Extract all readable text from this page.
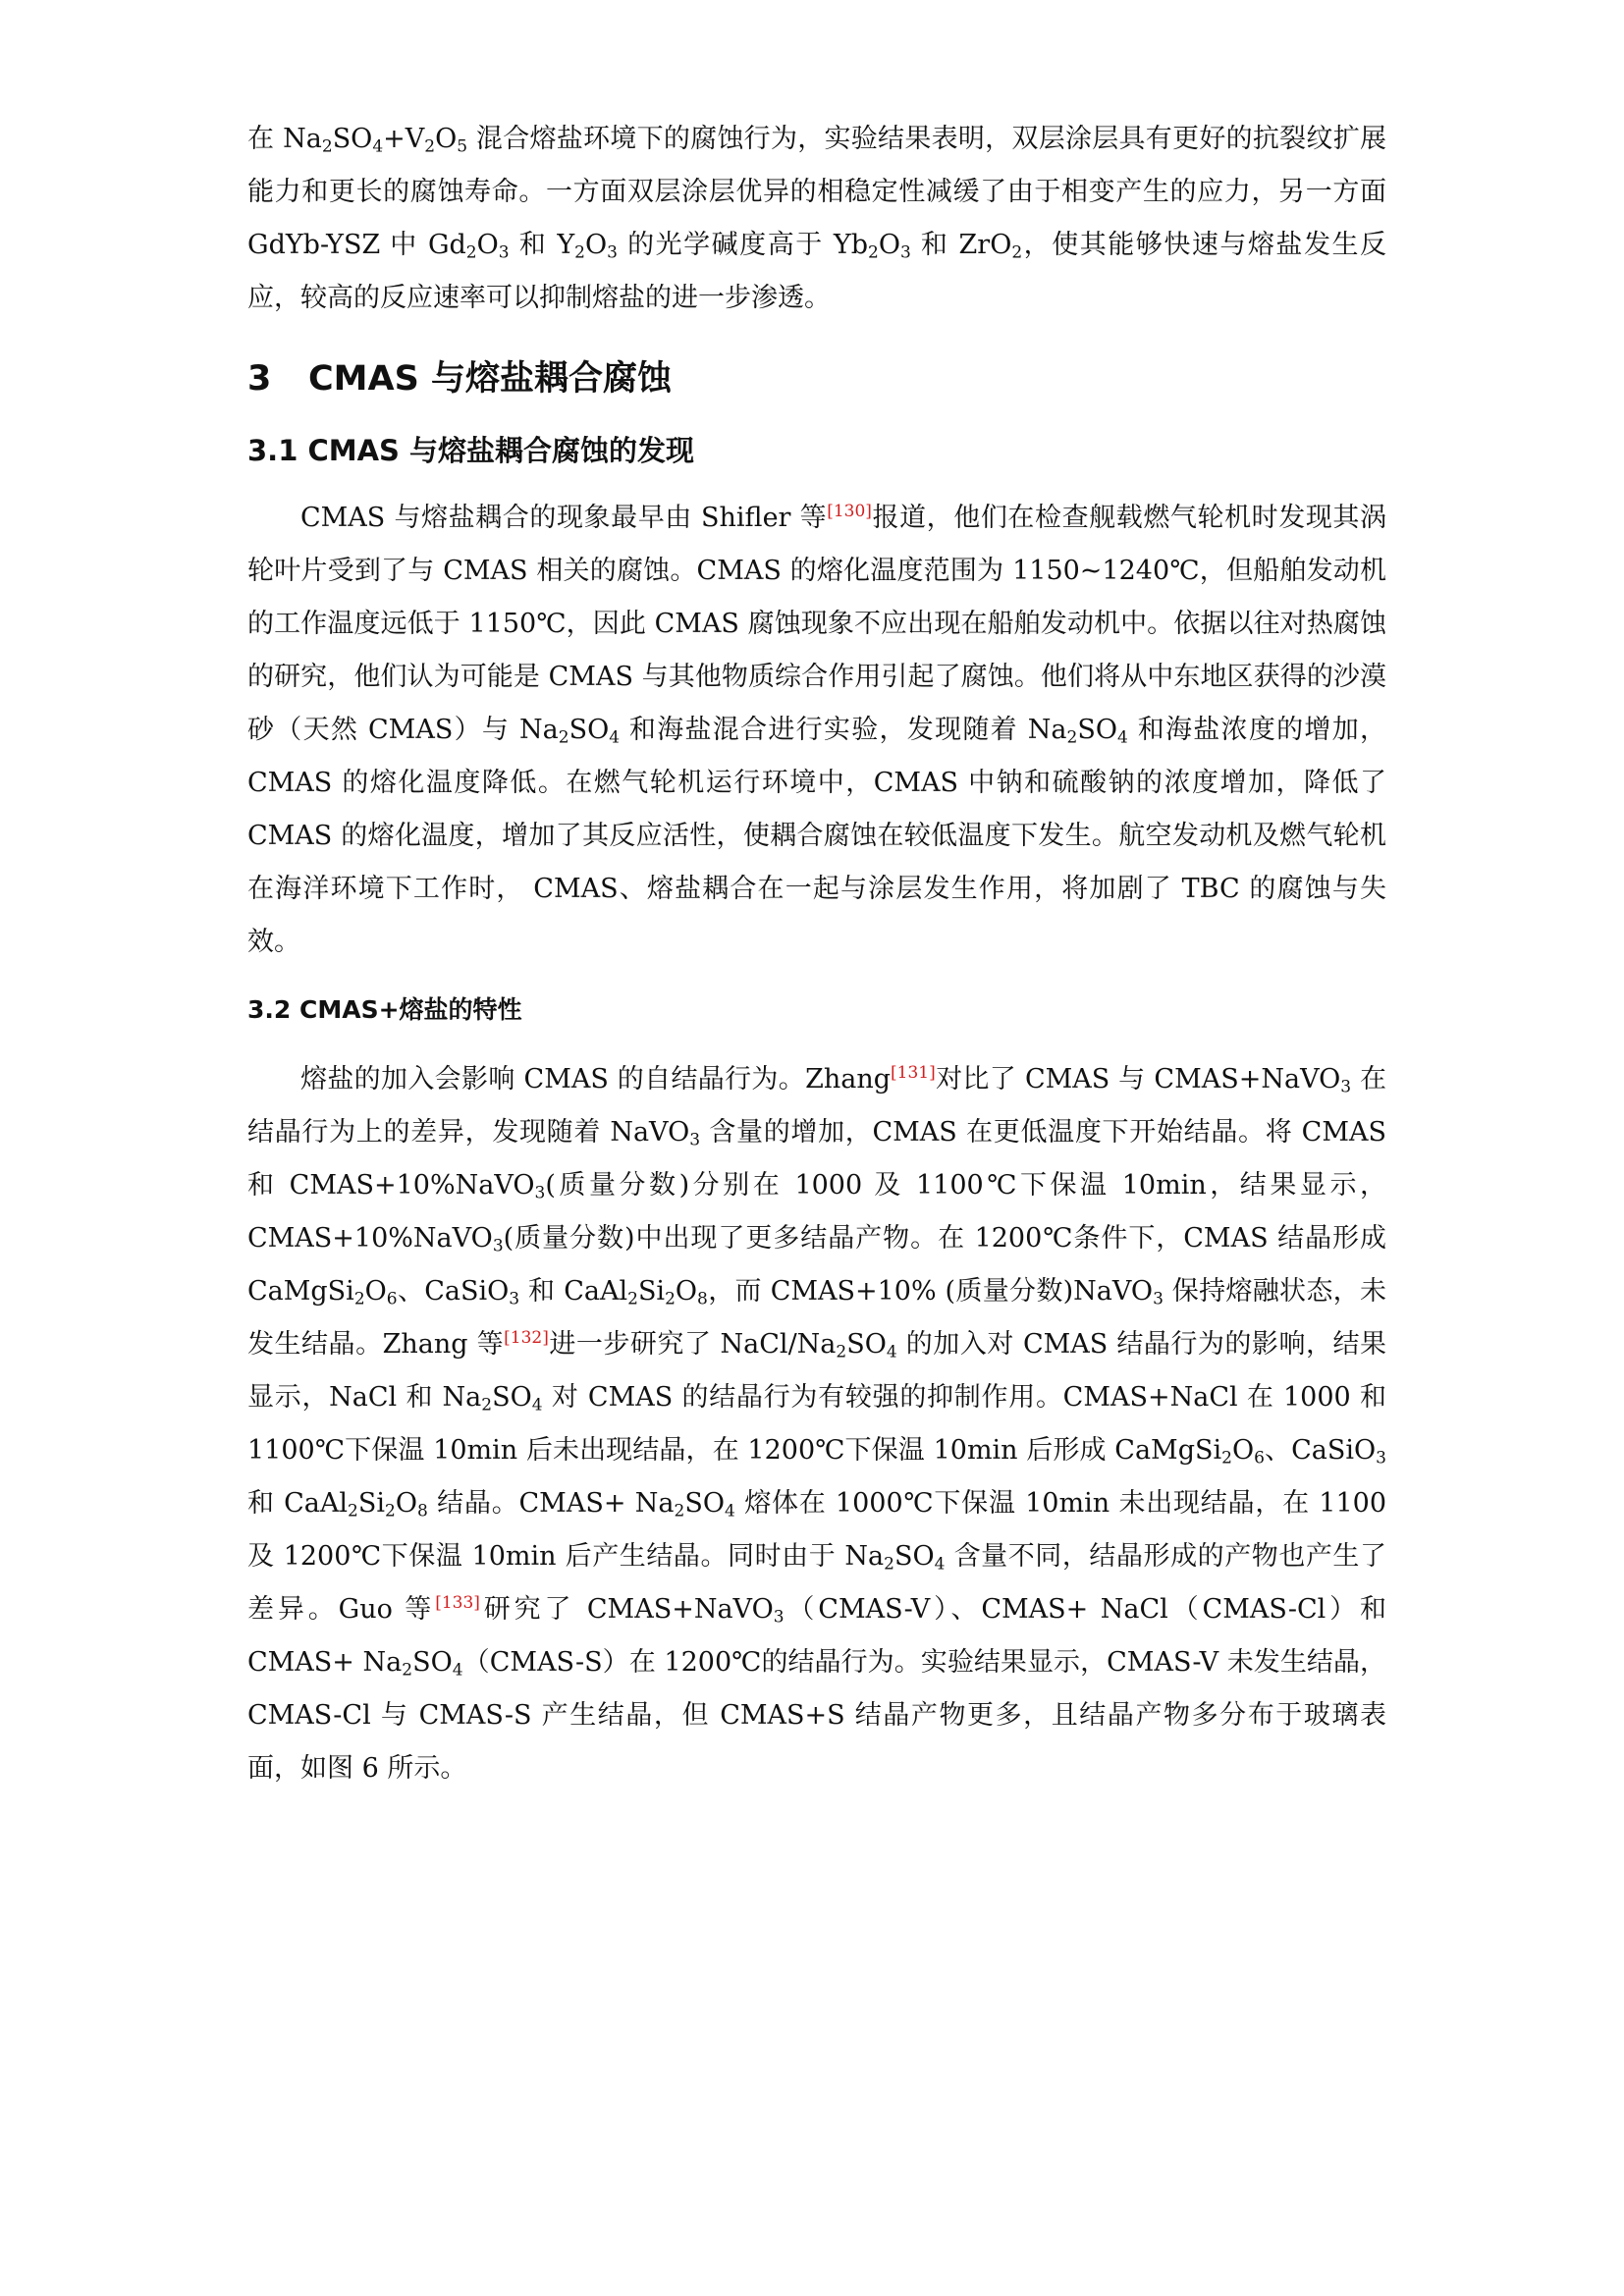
在 $Na_2SO_4+V_2O_5$ 混合熔盐环境下的腐蚀行为，实验结果表明，双层涂层具有更好的抗裂纹扩展能力和更长的腐蚀寿命。一方面双层涂层优异的相稳定性减缓了由于相变产生的应力，另一方面 GdYb-YSZ 中 $Gd_2O_3$ 和 $Y_2O_3$ 的光学碱度高于 $Yb_2O_3$ 和 ZrO$_2$，使其能够快速与熔盐发生反应，较高的反应速率可以抑制熔盐的进一步渗透。

3 CMAS 与熔盐耦合腐蚀
3.1 CMAS 与熔盐耦合腐蚀的发现

CMAS 与熔盐耦合的现象最早由 Shifler 等[130]报道，他们在检查舰载燃气轮机时发现其涡轮叶片受到了与 CMAS 相关的腐蚀。CMAS 的熔化温度范围为 1150~1240℃，但船舶发动机的工作温度远低于 1150℃，因此 CMAS 腐蚀现象不应出现在船舶发动机中。依据以往对热腐蚀的研究，他们认为可能是 CMAS 与其他物质综合作用引起了腐蚀。他们将从中东地区获得的沙漠砂（天然 CMAS）与 $Na_2SO_4$ 和海盐混合进行实验，发现随着 $Na_2SO_4$ 和海盐浓度的增加，CMAS 的熔化温度降低。在燃气轮机运行环境中，CMAS 中钠和硫酸钠的浓度增加，降低了 CMAS 的熔化温度，增加了其反应活性，使耦合腐蚀在较低温度下发生。航空发动机及燃气轮机在海洋环境下工作时， CMAS、熔盐耦合在一起与涂层发生作用，将加剧了 TBC 的腐蚀与失效。

3.2 CMAS+熔盐的特性

熔盐的加入会影响 CMAS 的自结晶行为。Zhang[131]对比了 CMAS 与 CMAS+NaVO$_3$ 在结晶行为上的差异，发现随着 NaVO$_3$ 含量的增加，CMAS 在更低温度下开始结晶。将 CMAS 和 CMAS+10%NaVO$_3$(质量分数)分别在 1000 及 1100℃下保温 10min，结果显示，CMAS+10%NaVO$_3$(质量分数)中出现了更多结晶产物。在 1200℃条件下，CMAS 结晶形成 $CaMgSi_2O_6$、CaSiO$_3$ 和 $CaAl_2Si_2O_8$，而 CMAS+10% (质量分数)NaVO$_3$ 保持熔融状态，未发生结晶。Zhang 等[132]进一步研究了 NaCl/$Na_2SO_4$ 的加入对 CMAS 结晶行为的影响，结果显示，NaCl 和 $Na_2SO_4$ 对 CMAS 的结晶行为有较强的抑制作用。CMAS+NaCl 在 1000 和 1100℃下保温 10min 后未出现结晶，在 1200℃下保温 10min 后形成 $CaMgSi_2O_6$、CaSiO$_3$ 和 $CaAl_2Si_2O_8$ 结晶。CMAS+ $Na_2SO_4$ 熔体在 1000℃下保温 10min 未出现结晶，在 1100 及 1200℃下保温 10min 后产生结晶。同时由于 $Na_2SO_4$ 含量不同，结晶形成的产物也产生了差异。Guo 等[133]研究了 CMAS+NaVO$_3$（CMAS-V）、CMAS+ NaCl（CMAS-Cl）和 CMAS+ $Na_2SO_4(CMAS-S)$在 1200℃的结晶行为。实验结果显示，CMAS-V 未发生结晶，CMAS-Cl 与 CMAS-S 产生结晶，但 CMAS+S 结晶产物更多，且结晶产物多分布于玻璃表面，如图 6 所示。
